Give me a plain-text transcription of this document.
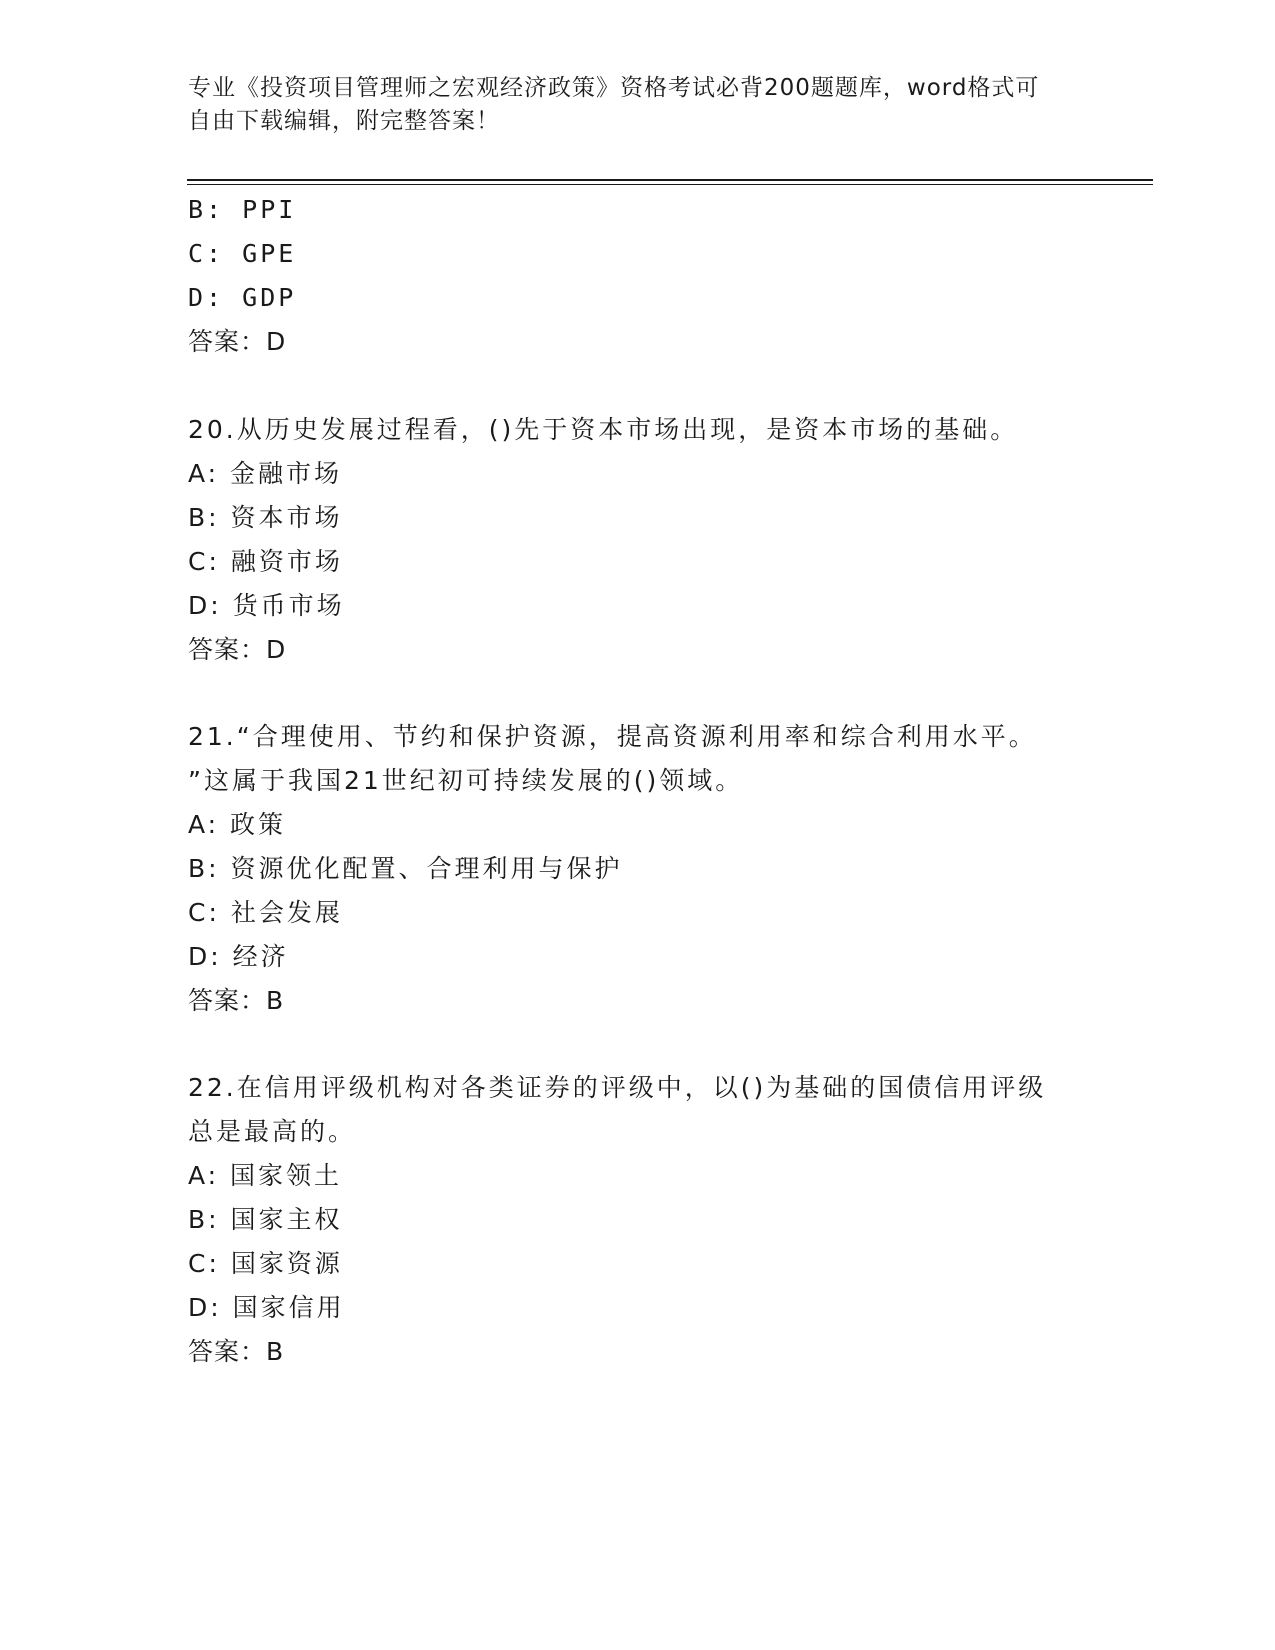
专业《投资项目管理师之宏观经济政策》资格考试必背200题题库，word格式可
自由下载编辑，附完整答案！
B: PPI
C: GPE
D: GDP
答案：D
20.从历史发展过程看，()先于资本市场出现，是资本市场的基础。
A: 金融市场
B: 资本市场
C: 融资市场
D: 货币市场
答案：D
21.“合理使用、节约和保护资源，提高资源利用率和综合利用水平。
”这属于我国21世纪初可持续发展的()领域。
A: 政策
B: 资源优化配置、合理利用与保护
C: 社会发展
D: 经济
答案：B
22.在信用评级机构对各类证券的评级中，以()为基础的国债信用评级
总是最高的。
A: 国家领土
B: 国家主权
C: 国家资源
D: 国家信用
答案：B
